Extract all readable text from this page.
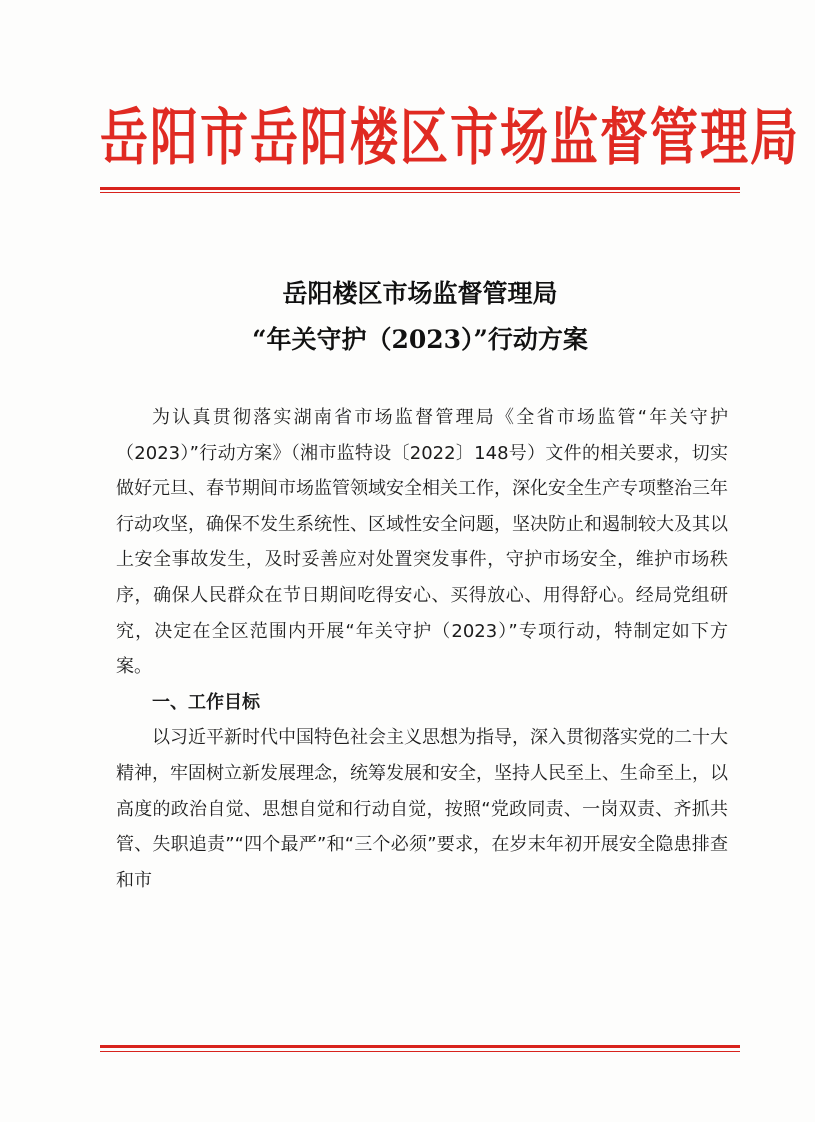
岳阳市岳阳楼区市场监督管理局
岳阳楼区市场监督管理局
“年关守护（2023）”行动方案

为认真贯彻落实湖南省市场监督管理局《全省市场监管“年关守护（2023）”行动方案》（湘市监特设〔2022〕148号）文件的相关要求，切实做好元旦、春节期间市场监管领域安全相关工作，深化安全生产专项整治三年行动攻坚，确保不发生系统性、区域性安全问题，坚决防止和遏制较大及其以上安全事故发生，及时妥善应对处置突发事件，守护市场安全，维护市场秩序，确保人民群众在节日期间吃得安心、买得放心、用得舒心。经局党组研究，决定在全区范围内开展“年关守护（2023）”专项行动，特制定如下方案。

一、工作目标

以习近平新时代中国特色社会主义思想为指导，深入贯彻落实党的二十大精神，牢固树立新发展理念，统筹发展和安全，坚持人民至上、生命至上，以高度的政治自觉、思想自觉和行动自觉，按照“党政同责、一岗双责、齐抓共管、失职追责”“四个最严”和“三个必须”要求，在岁末年初开展安全隐患排查和市
